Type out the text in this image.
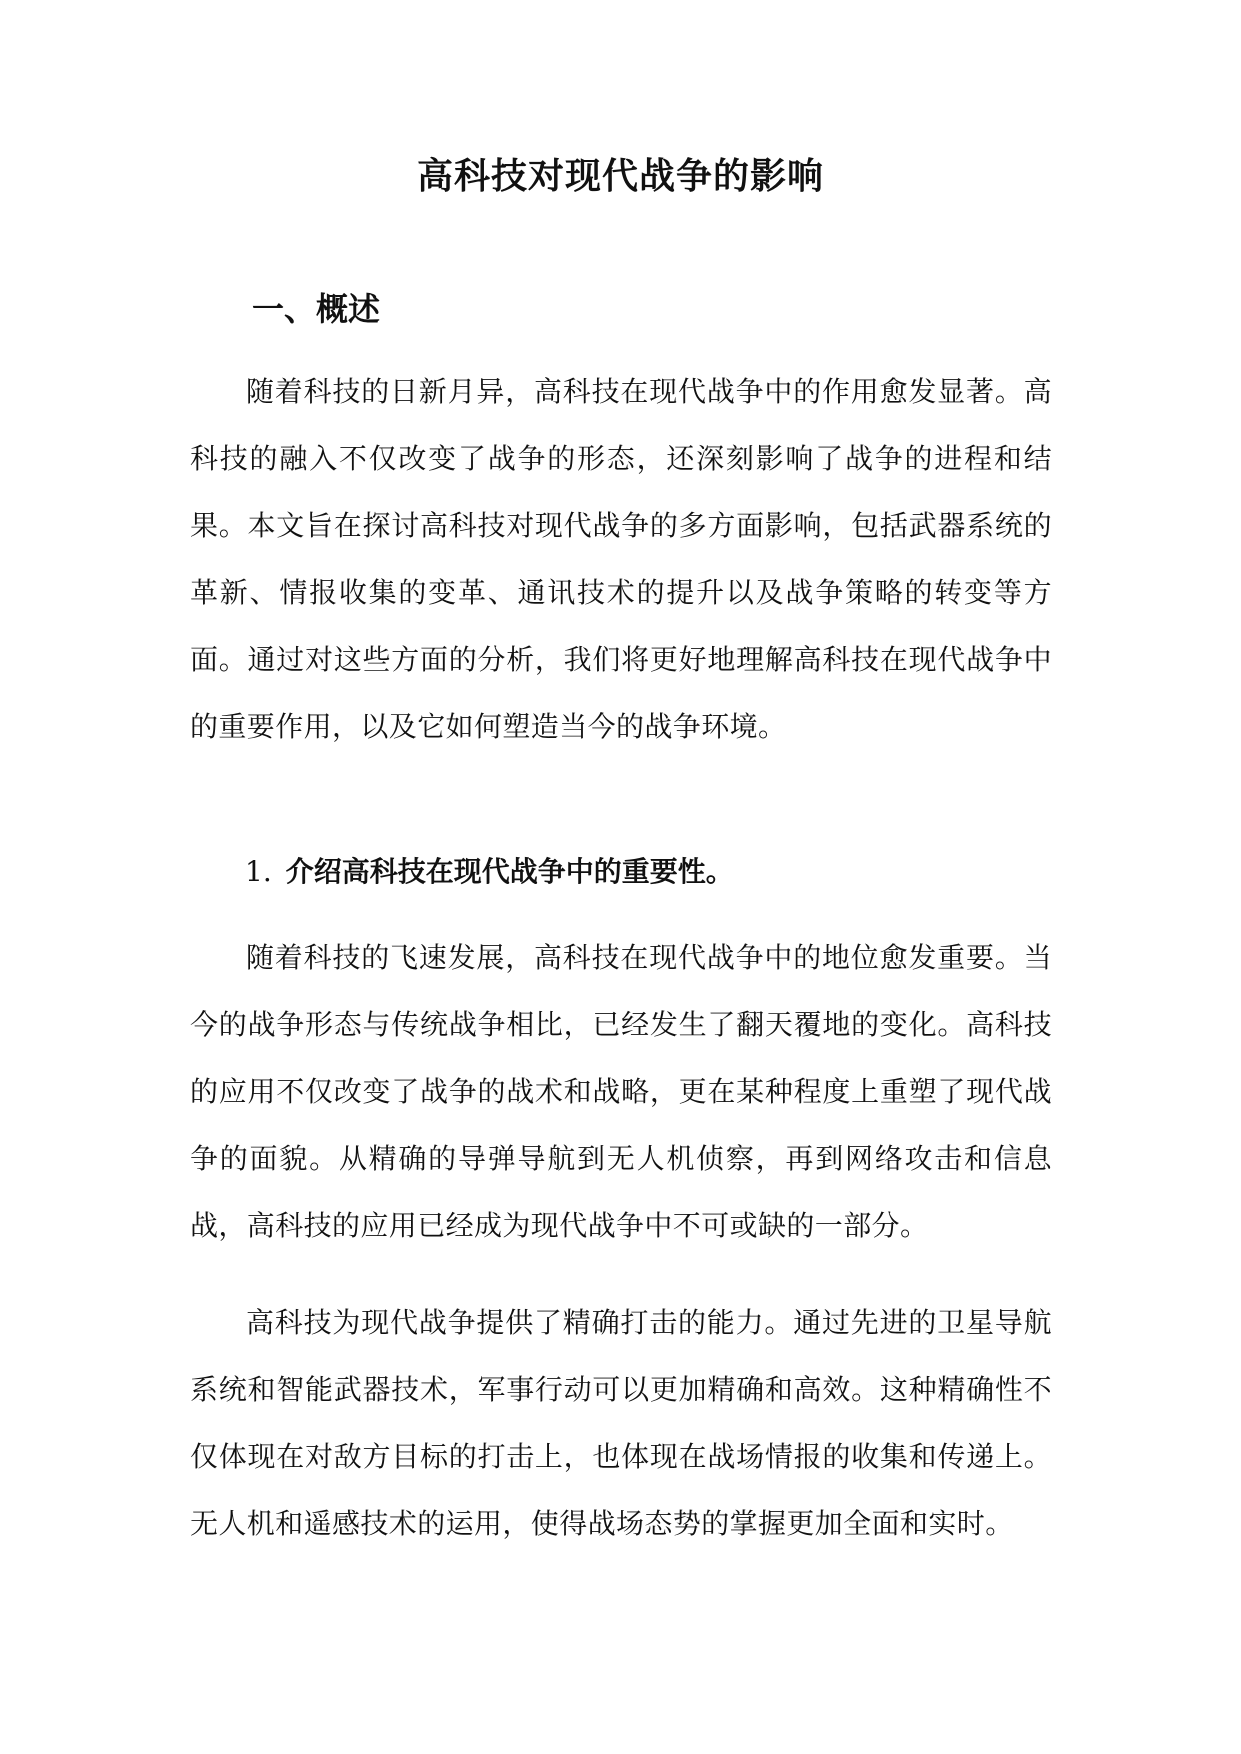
高科技对现代战争的影响
一、概述

随着科技的日新月异，高科技在现代战争中的作用愈发显著。高科技的融入不仅改变了战争的形态，还深刻影响了战争的进程和结果。本文旨在探讨高科技对现代战争的多方面影响，包括武器系统的革新、情报收集的变革、通讯技术的提升以及战争策略的转变等方面。通过对这些方面的分析，我们将更好地理解高科技在现代战争中的重要作用，以及它如何塑造当今的战争环境。

1. 介绍高科技在现代战争中的重要性。

随着科技的飞速发展，高科技在现代战争中的地位愈发重要。当今的战争形态与传统战争相比，已经发生了翻天覆地的变化。高科技的应用不仅改变了战争的战术和战略，更在某种程度上重塑了现代战争的面貌。从精确的导弹导航到无人机侦察，再到网络攻击和信息战，高科技的应用已经成为现代战争中不可或缺的一部分。

高科技为现代战争提供了精确打击的能力。通过先进的卫星导航系统和智能武器技术，军事行动可以更加精确和高效。这种精确性不仅体现在对敌方目标的打击上，也体现在战场情报的收集和传递上。无人机和遥感技术的运用，使得战场态势的掌握更加全面和实时。
